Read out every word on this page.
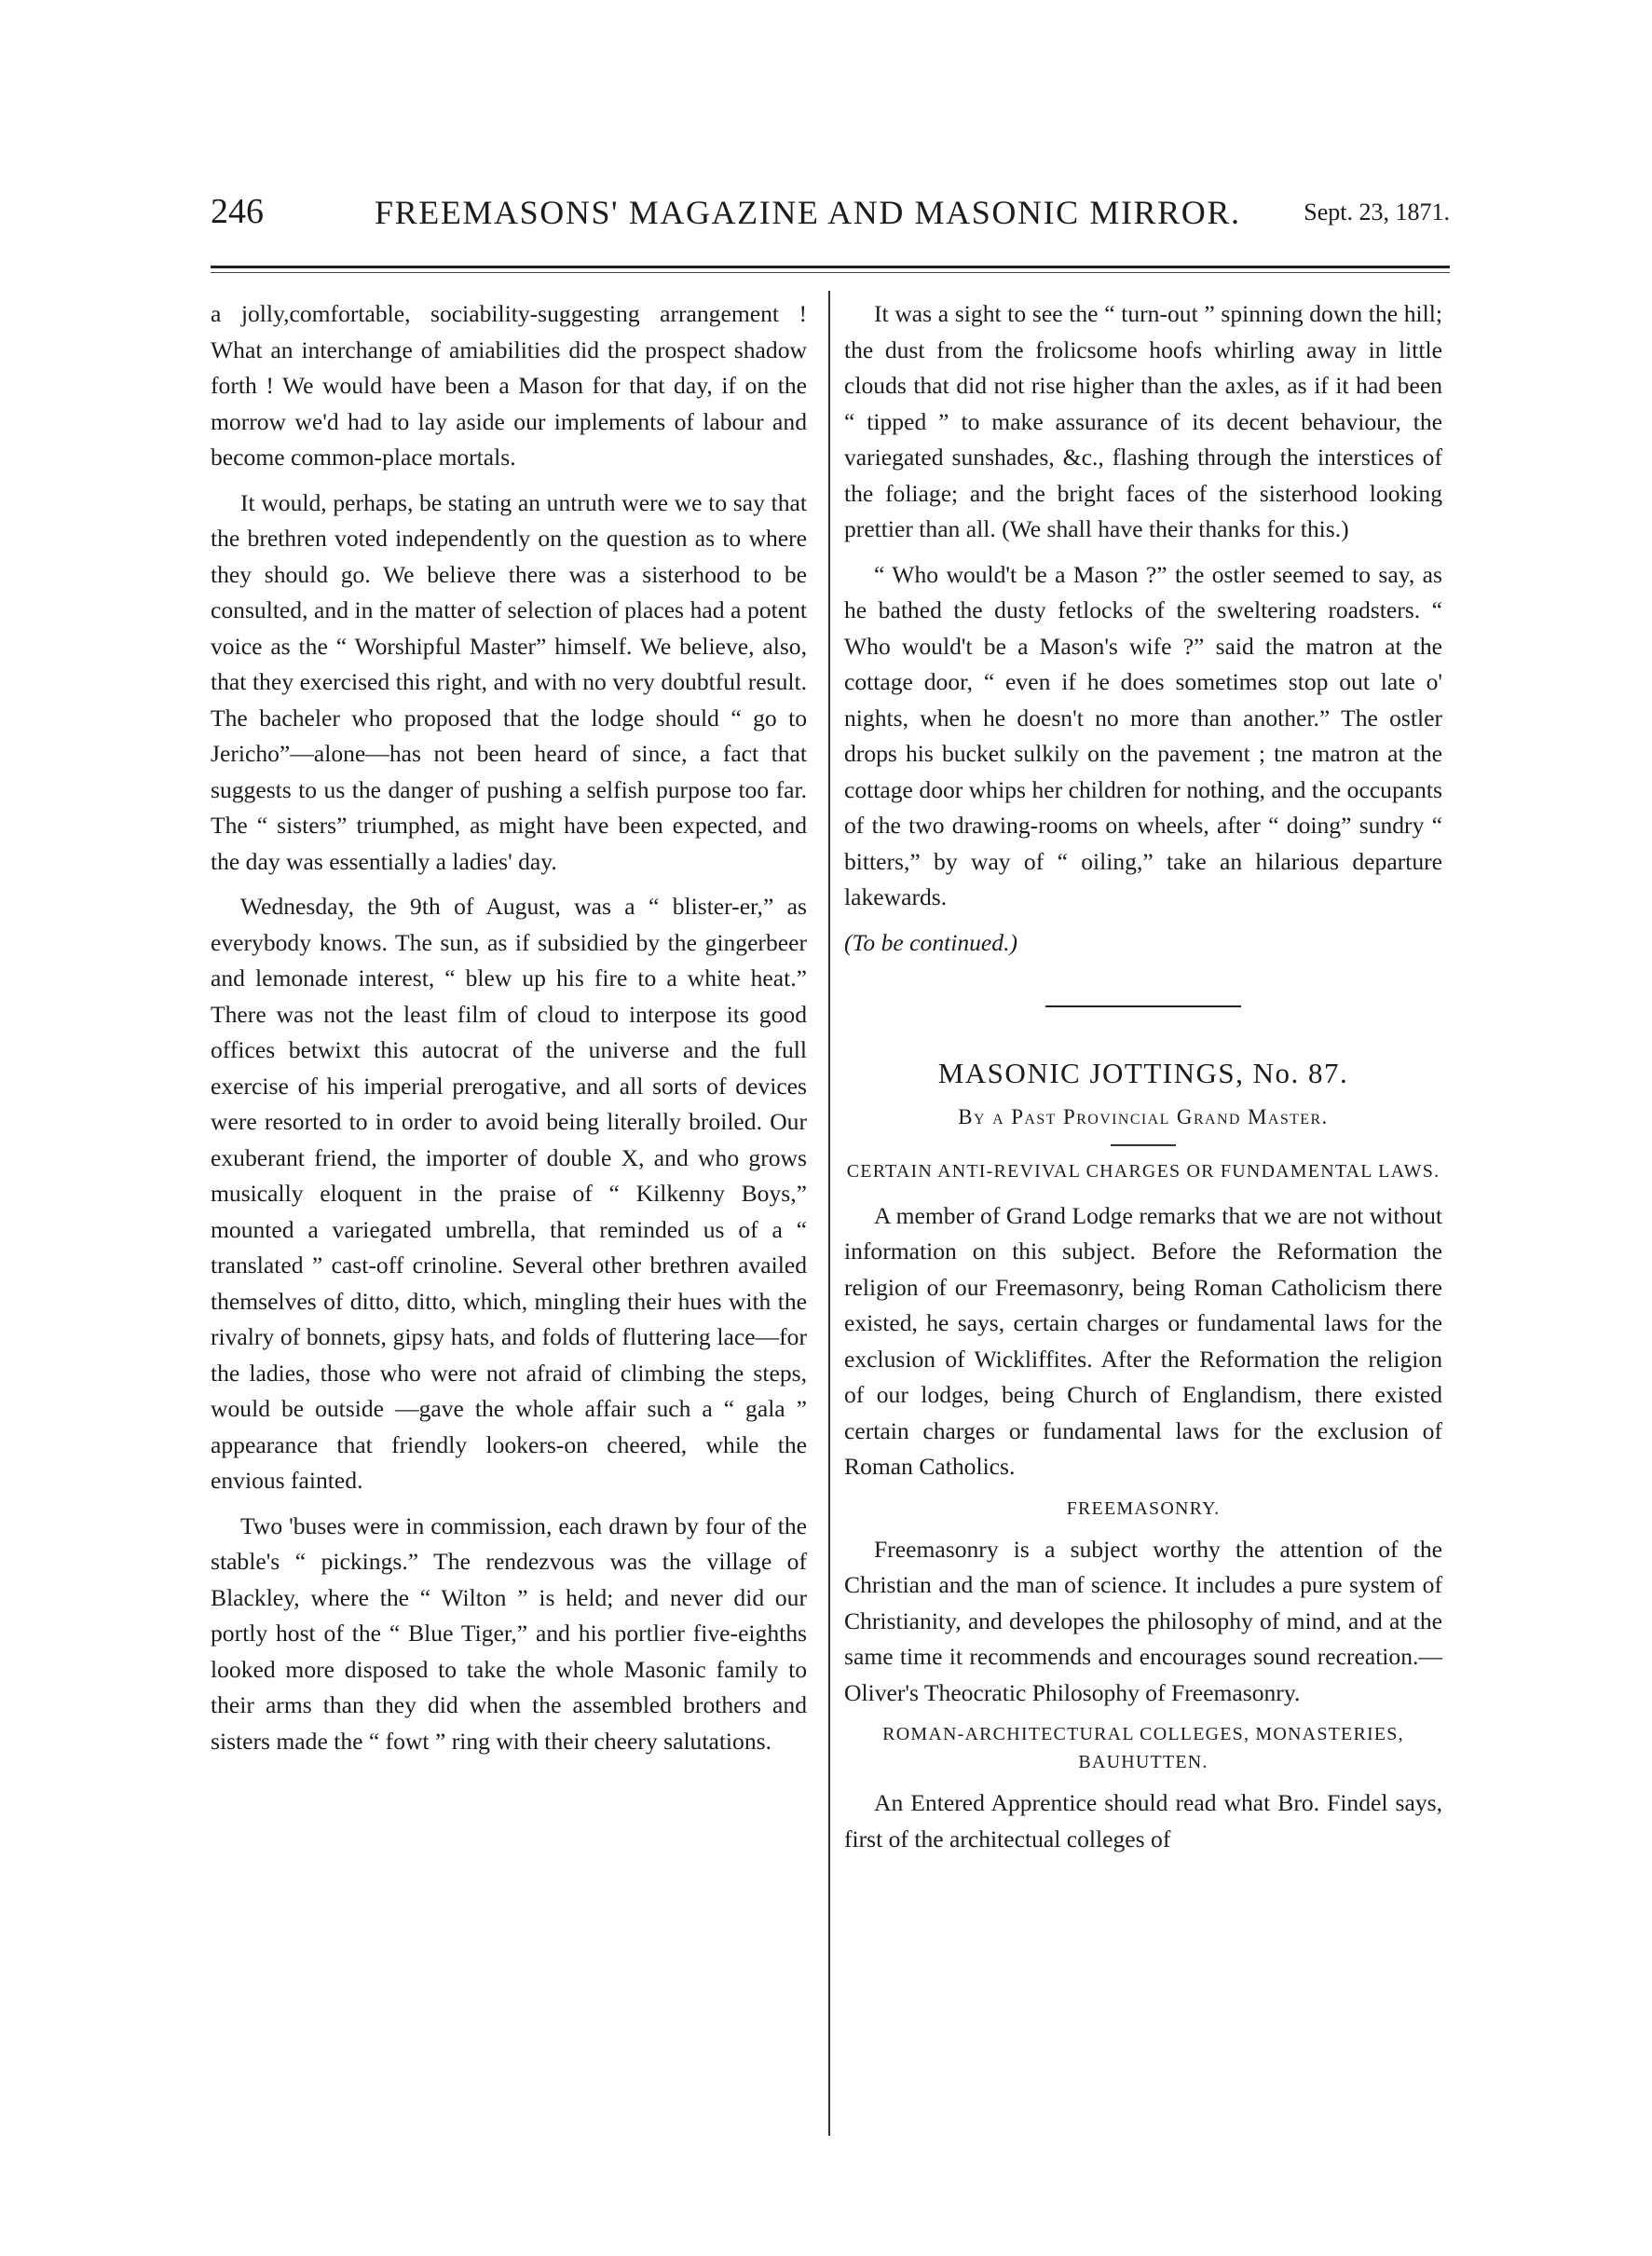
246	FREEMASONS' MAGAZINE AND MASONIC MIRROR.	Sept. 23, 1871.

a jolly,comfortable, sociability-suggesting arrangement ! What an interchange of amiabilities did the prospect shadow forth ! We would have been a Mason for that day, if on the morrow we'd had to lay aside our implements of labour and become common-place mortals.

It would, perhaps, be stating an untruth were we to say that the brethren voted independently on the question as to where they should go. We believe there was a sisterhood to be consulted, and in the matter of selection of places had a potent voice as the “ Worshipful Master” himself. We believe, also, that they exercised this right, and with no very doubtful result. The bacheler who proposed that the lodge should “ go to Jericho”—alone—has not been heard of since, a fact that suggests to us the danger of pushing a selfish purpose too far. The “ sisters” triumphed, as might have been expected, and the day was essentially a ladies' day.

Wednesday, the 9th of August, was a “ blister-er,” as everybody knows. The sun, as if subsidied by the gingerbeer and lemonade interest, “ blew up his fire to a white heat.” There was not the least film of cloud to interpose its good offices betwixt this autocrat of the universe and the full exercise of his imperial prerogative, and all sorts of devices were resorted to in order to avoid being literally broiled. Our exuberant friend, the importer of double X, and who grows musically eloquent in the praise of “ Kilkenny Boys,” mounted a variegated umbrella, that reminded us of a “ translated ” cast-off crinoline. Several other brethren availed themselves of ditto, ditto, which, mingling their hues with the rivalry of bonnets, gipsy hats, and folds of fluttering lace—for the ladies, those who were not afraid of climbing the steps, would be outside —gave the whole affair such a “ gala ” appearance that friendly lookers-on cheered, while the envious fainted.

Two 'buses were in commission, each drawn by four of the stable's “ pickings.” The rendezvous was the village of Blackley, where the “ Wilton ” is held; and never did our portly host of the “ Blue Tiger,” and his portlier five-eighths looked more disposed to take the whole Masonic family to their arms than they did when the assembled brothers and sisters made the “ fowt ” ring with their cheery salutations.

It was a sight to see the “ turn-out ” spinning down the hill; the dust from the frolicsome hoofs whirling away in little clouds that did not rise higher than the axles, as if it had been “ tipped ” to make assurance of its decent behaviour, the variegated sunshades, &c., flashing through the interstices of the foliage; and the bright faces of the sisterhood looking prettier than all. (We shall have their thanks for this.)

“ Who would't be a Mason ?” the ostler seemed to say, as he bathed the dusty fetlocks of the sweltering roadsters. “ Who would't be a Mason's wife ?” said the matron at the cottage door, “ even if he does sometimes stop out late o' nights, when he doesn't no more than another.” The ostler drops his bucket sulkily on the pavement ; tne matron at the cottage door whips her children for nothing, and the occupants of the two drawing-rooms on wheels, after “ doing” sundry “ bitters,” by way of “ oiling,” take an hilarious departure lakewards.

(To be continued.)

MASONIC JOTTINGS, No. 87.
By a Past Provincial Grand Master.
CERTAIN ANTI-REVIVAL CHARGES OR FUNDAMENTAL LAWS.

A member of Grand Lodge remarks that we are not without information on this subject. Before the Reformation the religion of our Freemasonry, being Roman Catholicism there existed, he says, certain charges or fundamental laws for the exclusion of Wickliffites. After the Reformation the religion of our lodges, being Church of Englandism, there existed certain charges or fundamental laws for the exclusion of Roman Catholics.

FREEMASONRY.

Freemasonry is a subject worthy the attention of the Christian and the man of science. It includes a pure system of Christianity, and developes the philosophy of mind, and at the same time it recommends and encourages sound recreation.—Oliver's Theocratic Philosophy of Freemasonry.

ROMAN-ARCHITECTURAL COLLEGES, MONASTERIES, BAUHUTTEN.

An Entered Apprentice should read what Bro. Findel says, first of the architectual colleges of
